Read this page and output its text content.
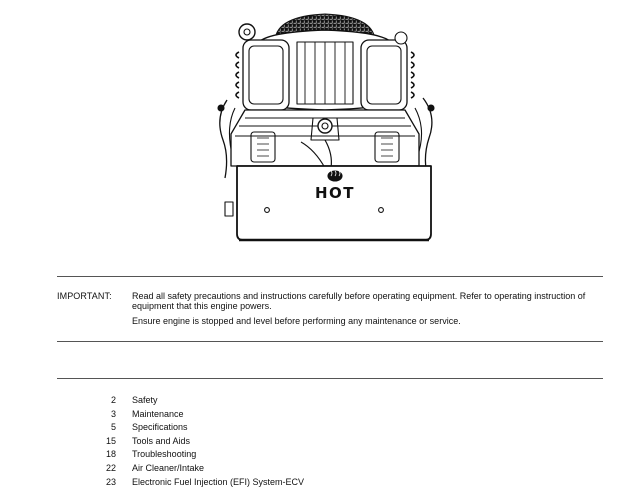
HOT
IMPORTANT: Read all safety precautions and instructions carefully before operating equipment. Refer to operating instruction of equipment that this engine powers.

Ensure engine is stopped and level before performing any maintenance or service.

2 Safety
3 Maintenance
5 Specifications
15 Tools and Aids
18 Troubleshooting
22 Air Cleaner/Intake
23 Electronic Fuel Injection (EFI) System-ECV
